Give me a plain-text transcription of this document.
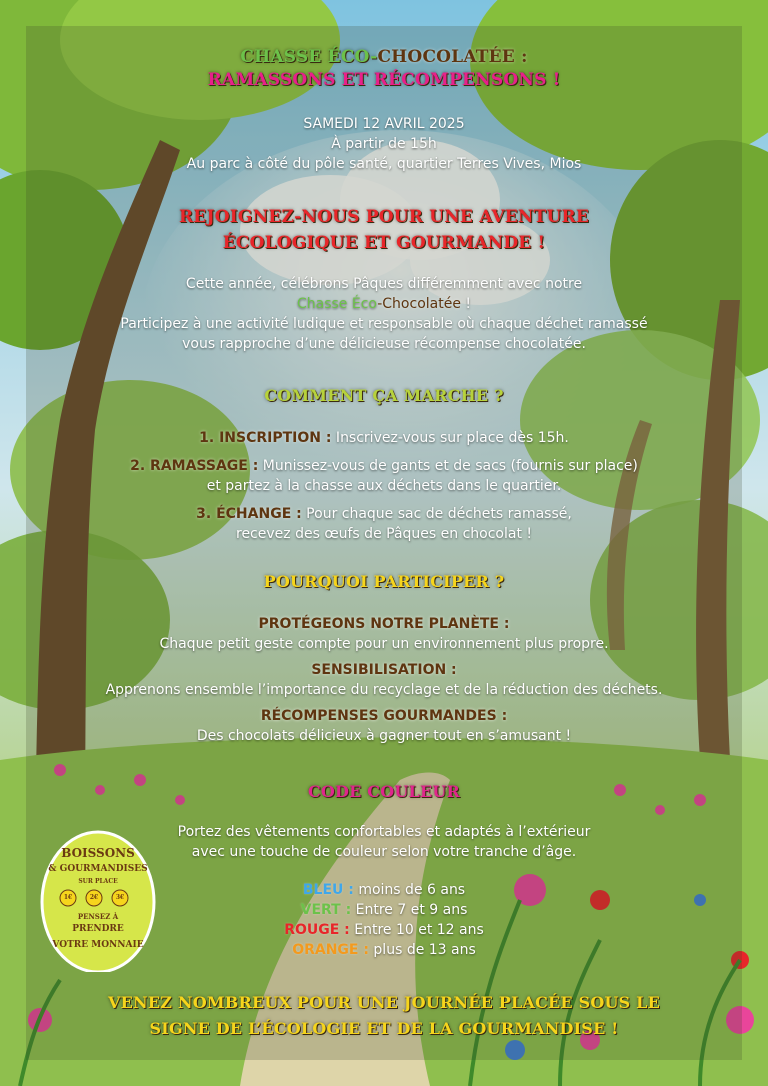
BOISSONS
& GOURMANDISES
SUR PLACE
1€	2€	3€
PENSEZ À
PRENDRE
VOTRE MONNAIE
CHASSE ÉCO-CHOCOLATÉE :
RAMASSONS ET RÉCOMPENSONS !

SAMEDI 12 AVRIL 2025

À partir de 15h

Au parc à côté du pôle santé, quartier Terres Vives, Mios

REJOIGNEZ-NOUS POUR UNE AVENTURE
ÉCOLOGIQUE ET GOURMANDE !

Cette année, célébrons Pâques différemment avec notre

Chasse Éco-Chocolatée !

Participez à une activité ludique et responsable où chaque déchet ramassé

vous rapproche d’une délicieuse récompense chocolatée.

COMMENT ÇA MARCHE ?

1. INSCRIPTION : Inscrivez-vous sur place dès 15h.

2. RAMASSAGE : Munissez-vous de gants et de sacs (fournis sur place)

et partez à la chasse aux déchets dans le quartier.

3. ÉCHANGE : Pour chaque sac de déchets ramassé,

recevez des œufs de Pâques en chocolat !

POURQUOI PARTICIPER ?

PROTÉGEONS NOTRE PLANÈTE :

Chaque petit geste compte pour un environnement plus propre.

SENSIBILISATION :

Apprenons ensemble l’importance du recyclage et de la réduction des déchets.

RÉCOMPENSES GOURMANDES :

Des chocolats délicieux à gagner tout en s’amusant !

CODE COULEUR

Portez des vêtements confortables et adaptés à l’extérieur

avec une touche de couleur selon votre tranche d’âge.

BLEU : moins de 6 ans

VERT : Entre 7 et 9 ans

ROUGE : Entre 10 et 12 ans

ORANGE : plus de 13 ans

VENEZ NOMBREUX POUR UNE JOURNÉE PLACÉE SOUS LE
SIGNE DE L’ÉCOLOGIE ET DE LA GOURMANDISE !
